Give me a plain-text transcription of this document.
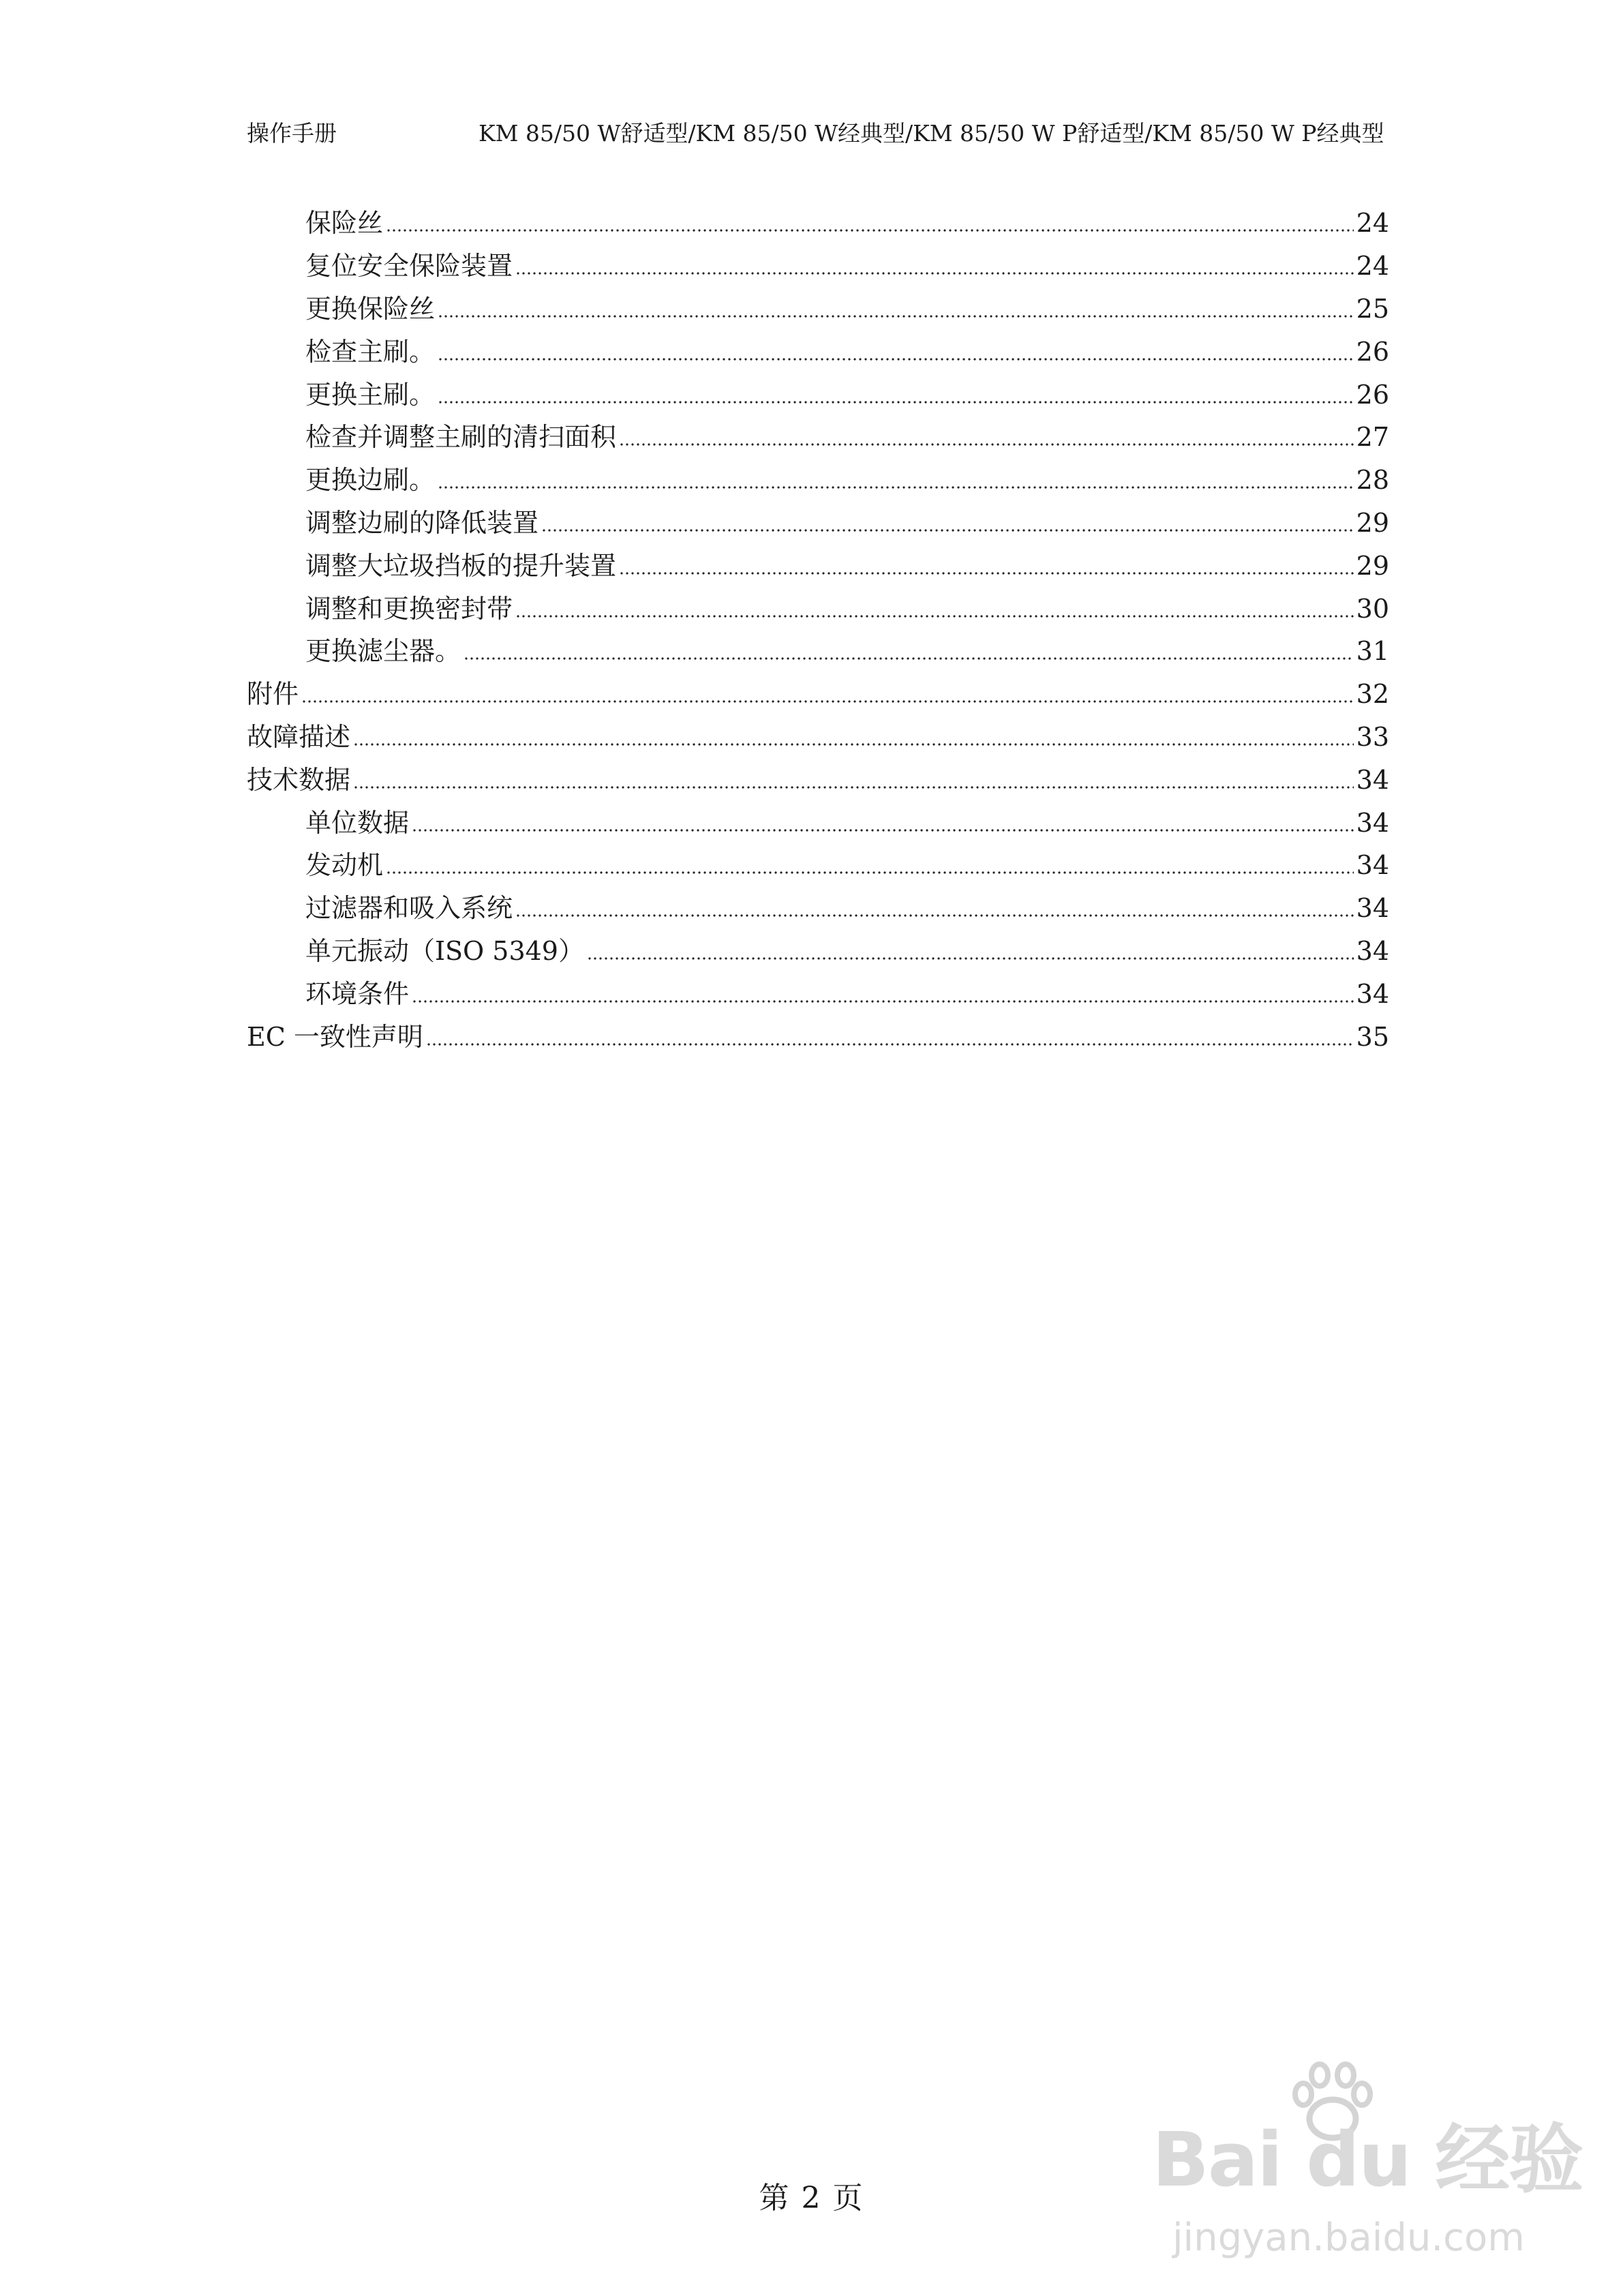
操作手册	KM 85/50 W舒适型/KM 85/50 W经典型/KM 85/50 W P舒适型/KM 85/50 W P经典型
保险丝	24
复位安全保险装置	24
更换保险丝	25
检查主刷。	26
更换主刷。	26
检查并调整主刷的清扫面积	27
更换边刷。	28
调整边刷的降低装置	29
调整大垃圾挡板的提升装置	29
调整和更换密封带	30
更换滤尘器。	31
附件	32
故障描述	33
技术数据	34
单位数据	34
发动机	34
过滤器和吸入系统	34
单元振动（ISO 5349）	34
环境条件	34
EC 一致性声明	35
第 2 页	Bai du 经验
jingyan.baidu.com
